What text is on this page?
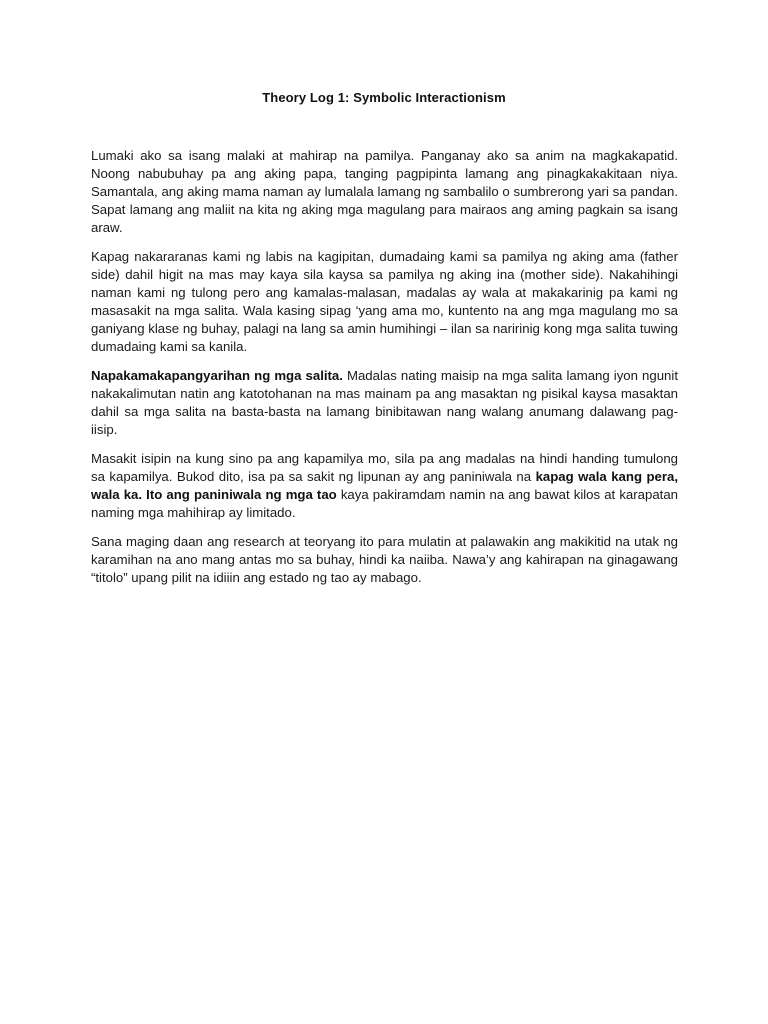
Theory Log 1: Symbolic Interactionism

Lumaki ako sa isang malaki at mahirap na pamilya. Panganay ako sa anim na magkakapatid. Noong nabubuhay pa ang aking papa, tanging pagpipinta lamang ang pinagkakakitaan niya. Samantala, ang aking mama naman ay lumalala lamang ng sambalilo o sumbrerong yari sa pandan. Sapat lamang ang maliit na kita ng aking mga magulang para mairaos ang aming pagkain sa isang araw.

Kapag nakararanas kami ng labis na kagipitan, dumadaing kami sa pamilya ng aking ama (father side) dahil higit na mas may kaya sila kaysa sa pamilya ng aking ina (mother side). Nakahihingi naman kami ng tulong pero ang kamalas-malasan, madalas ay wala at makakarinig pa kami ng masasakit na mga salita. Wala kasing sipag ‘yang ama mo, kuntento na ang mga magulang mo sa ganiyang klase ng buhay, palagi na lang sa amin humihingi – ilan sa naririnig kong mga salita tuwing dumadaing kami sa kanila.

Napakamakapangyarihan ng mga salita. Madalas nating maisip na mga salita lamang iyon ngunit nakakalimutan natin ang katotohanan na mas mainam pa ang masaktan ng pisikal kaysa masaktan dahil sa mga salita na basta-basta na lamang binibitawan nang walang anumang dalawang pag-iisip.

Masakit isipin na kung sino pa ang kapamilya mo, sila pa ang madalas na hindi handing tumulong sa kapamilya. Bukod dito, isa pa sa sakit ng lipunan ay ang paniniwala na kapag wala kang pera, wala ka. Ito ang paniniwala ng mga tao kaya pakiramdam namin na ang bawat kilos at karapatan naming mga mahihirap ay limitado.

Sana maging daan ang research at teoryang ito para mulatin at palawakin ang makikitid na utak ng karamihan na ano mang antas mo sa buhay, hindi ka naiiba. Nawa’y ang kahirapan na ginagawang “titolo” upang pilit na idiiin ang estado ng tao ay mabago.
